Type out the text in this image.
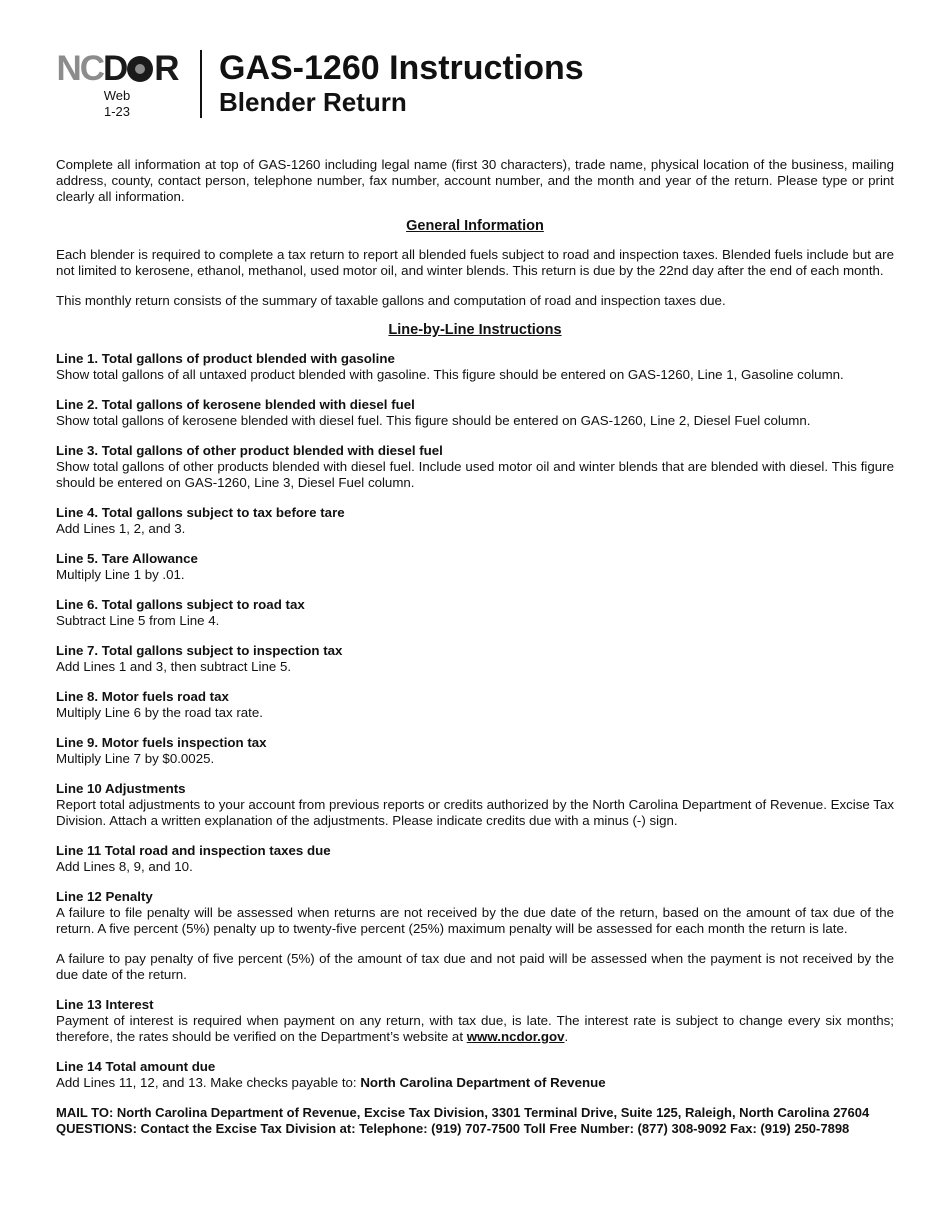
NCD R
Web
1-23
GAS-1260 Instructions
Blender Return

Complete all information at top of GAS-1260 including legal name (first 30 characters), trade name, physical location of the business, mailing address, county, contact person, telephone number, fax number, account number, and the month and year of the return. Please type or print clearly all information.

General Information

Each blender is required to complete a tax return to report all blended fuels subject to road and inspection taxes. Blended fuels include but are not limited to kerosene, ethanol, methanol, used motor oil, and winter blends. This return is due by the 22nd day after the end of each month.

This monthly return consists of the summary of taxable gallons and computation of road and inspection taxes due.

Line-by-Line Instructions
Line 1. Total gallons of product blended with gasoline

Show total gallons of all untaxed product blended with gasoline. This figure should be entered on GAS-1260, Line 1, Gasoline column.

Line 2. Total gallons of kerosene blended with diesel fuel

Show total gallons of kerosene blended with diesel fuel. This figure should be entered on GAS-1260, Line 2, Diesel Fuel column.

Line 3. Total gallons of other product blended with diesel fuel

Show total gallons of other products blended with diesel fuel. Include used motor oil and winter blends that are blended with diesel. This figure should be entered on GAS-1260, Line 3, Diesel Fuel column.

Line 4. Total gallons subject to tax before tare

Add Lines 1, 2, and 3.

Line 5. Tare Allowance

Multiply Line 1 by .01.

Line 6. Total gallons subject to road tax

Subtract Line 5 from Line 4.

Line 7. Total gallons subject to inspection tax

Add Lines 1 and 3, then subtract Line 5.

Line 8. Motor fuels road tax

Multiply Line 6 by the road tax rate.

Line 9. Motor fuels inspection tax

Multiply Line 7 by $0.0025.

Line 10 Adjustments

Report total adjustments to your account from previous reports or credits authorized by the North Carolina Department of Revenue. Excise Tax Division. Attach a written explanation of the adjustments. Please indicate credits due with a minus (-) sign.

Line 11 Total road and inspection taxes due

Add Lines 8, 9, and 10.

Line 12 Penalty

A failure to file penalty will be assessed when returns are not received by the due date of the return, based on the amount of tax due of the return. A five percent (5%) penalty up to twenty-five percent (25%) maximum penalty will be assessed for each month the return is late.

A failure to pay penalty of five percent (5%) of the amount of tax due and not paid will be assessed when the payment is not received by the due date of the return.

Line 13 Interest

Payment of interest is required when payment on any return, with tax due, is late. The interest rate is subject to change every six months; therefore, the rates should be verified on the Department’s website at www.ncdor.gov.

Line 14 Total amount due

Add Lines 11, 12, and 13. Make checks payable to: North Carolina Department of Revenue

MAIL TO: North Carolina Department of Revenue, Excise Tax Division, 3301 Terminal Drive, Suite 125, Raleigh, North Carolina 27604
QUESTIONS: Contact the Excise Tax Division at: Telephone: (919) 707-7500 Toll Free Number: (877) 308-9092 Fax: (919) 250-7898
